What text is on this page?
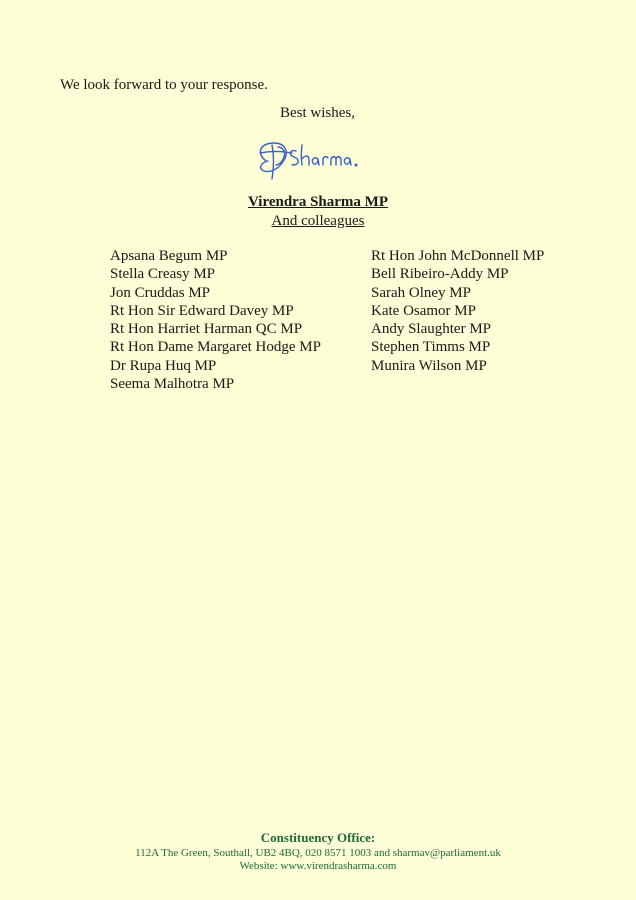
We look forward to your response.
Best wishes,
Virendra Sharma MP
And colleagues
Apsana Begum MP
Stella Creasy MP
Jon Cruddas MP
Rt Hon Sir Edward Davey MP
Rt Hon Harriet Harman QC MP
Rt Hon Dame Margaret Hodge MP
Dr Rupa Huq MP
Seema Malhotra MP
Rt Hon John McDonnell MP
Bell Ribeiro-Addy MP
Sarah Olney MP
Kate Osamor MP
Andy Slaughter MP
Stephen Timms MP
Munira Wilson MP
Constituency Office:
112A The Green, Southall, UB2 4BQ, 020 8571 1003 and sharmav@parliament.uk
Website: www.virendrasharma.com
